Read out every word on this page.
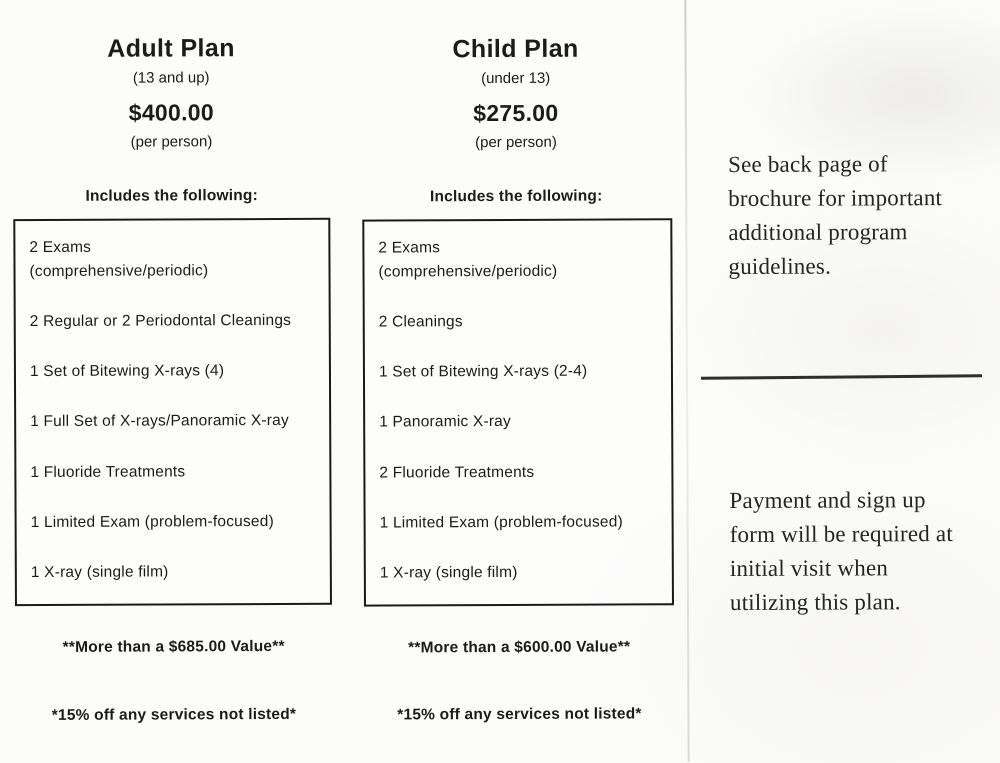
Adult Plan
(13 and up)
$400.00
(per person)
Includes the following:
2 Exams
(comprehensive/periodic)
2 Regular or 2 Periodontal Cleanings
1 Set of Bitewing X-rays (4)
1 Full Set of X-rays/Panoramic X-ray
1 Fluoride Treatments
1 Limited Exam (problem-focused)
1 X-ray (single film)
**More than a $685.00 Value**
*15% off any services not listed*
Child Plan
(under 13)
$275.00
(per person)
Includes the following:
2 Exams
(comprehensive/periodic)
2 Cleanings
1 Set of Bitewing X-rays (2-4)
1 Panoramic X-ray
2 Fluoride Treatments
1 Limited Exam (problem-focused)
1 X-ray (single film)
**More than a $600.00 Value**
*15% off any services not listed*

See back page of brochure for important additional program guidelines.

Payment and sign up form will be required at initial visit when utilizing this plan.
